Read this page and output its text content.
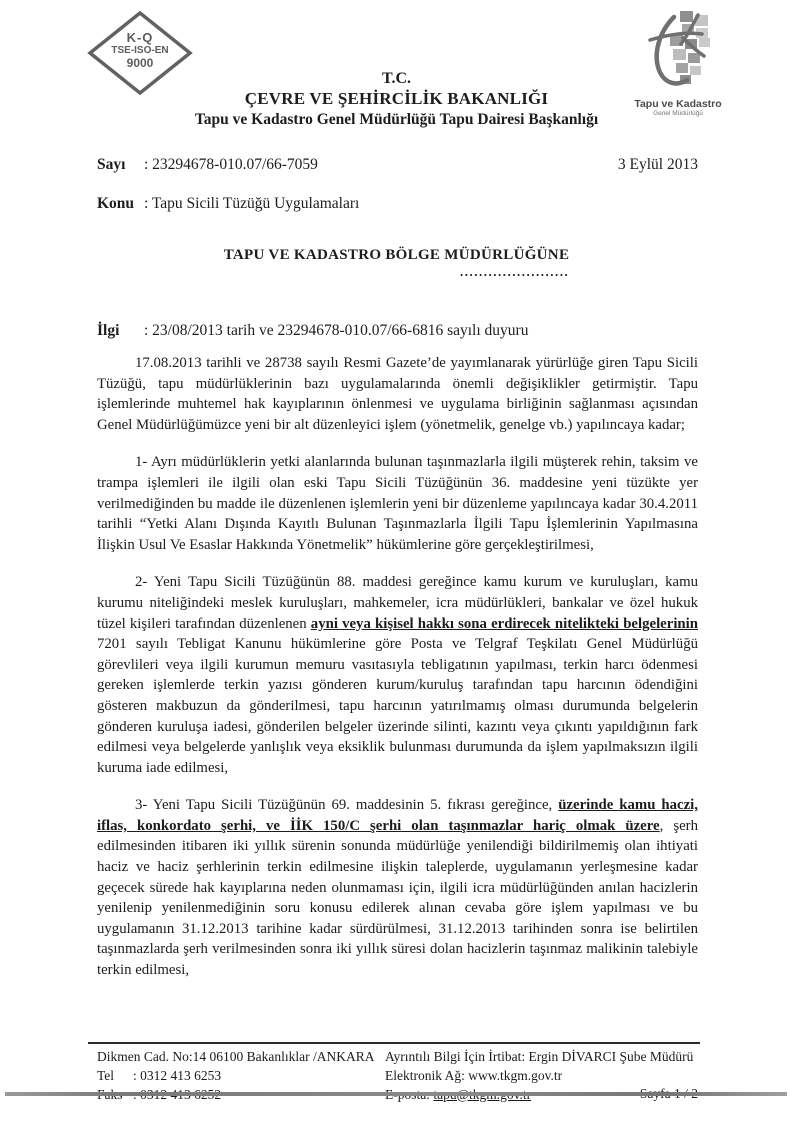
K-Q
TSE-ISO-EN
9000
T.C.
ÇEVRE VE ŞEHİRCİLİK BAKANLIĞI
Tapu ve Kadastro Genel Müdürlüğü Tapu Dairesi Başkanlığı
Tapu ve Kadastro
Genel Müdürlüğü
Sayı : 23294678-010.07/66-7059	3 Eylül 2013
Konu : Tapu Sicili Tüzüğü Uygulamaları
TAPU VE KADASTRO BÖLGE MÜDÜRLÜĞÜNE
.......................
İlgi : 23/08/2013 tarih ve 23294678-010.07/66-6816 sayılı duyuru

17.08.2013 tarihli ve 28738 sayılı Resmi Gazete’de yayımlanarak yürürlüğe giren Tapu Sicili Tüzüğü, tapu müdürlüklerinin bazı uygulamalarında önemli değişiklikler getirmiştir. Tapu işlemlerinde muhtemel hak kayıplarının önlenmesi ve uygulama birliğinin sağlanması açısından Genel Müdürlüğümüzce yeni bir alt düzenleyici işlem (yönetmelik, genelge vb.) yapılıncaya kadar;

1- Ayrı müdürlüklerin yetki alanlarında bulunan taşınmazlarla ilgili müşterek rehin, taksim ve trampa işlemleri ile ilgili olan eski Tapu Sicili Tüzüğünün 36. maddesine yeni tüzükte yer verilmediğinden bu madde ile düzenlenen işlemlerin yeni bir düzenleme yapılıncaya kadar 30.4.2011 tarihli “Yetki Alanı Dışında Kayıtlı Bulunan Taşınmazlarla İlgili Tapu İşlemlerinin Yapılmasına İlişkin Usul Ve Esaslar Hakkında Yönetmelik” hükümlerine göre gerçekleştirilmesi,

2- Yeni Tapu Sicili Tüzüğünün 88. maddesi gereğince kamu kurum ve kuruluşları, kamu kurumu niteliğindeki meslek kuruluşları, mahkemeler, icra müdürlükleri, bankalar ve özel hukuk tüzel kişileri tarafından düzenlenen ayni veya kişisel hakkı sona erdirecek nitelikteki belgelerinin 7201 sayılı Tebligat Kanunu hükümlerine göre Posta ve Telgraf Teşkilatı Genel Müdürlüğü görevlileri veya ilgili kurumun memuru vasıtasıyla tebligatının yapılması, terkin harcı ödenmesi gereken işlemlerde terkin yazısı gönderen kurum/kuruluş tarafından tapu harcının ödendiğini gösteren makbuzun da gönderilmesi, tapu harcının yatırılmamış olması durumunda belgelerin gönderen kuruluşa iadesi, gönderilen belgeler üzerinde silinti, kazıntı veya çıkıntı yapıldığının fark edilmesi veya belgelerde yanlışlık veya eksiklik bulunması durumunda da işlem yapılmaksızın ilgili kuruma iade edilmesi,

3- Yeni Tapu Sicili Tüzüğünün 69. maddesinin 5. fıkrası gereğince, üzerinde kamu haczi, iflas, konkordato şerhi, ve İİK 150/C şerhi olan taşınmazlar hariç olmak üzere, şerh edilmesinden itibaren iki yıllık sürenin sonunda müdürlüğe yenilendiği bildirilmemiş olan ihtiyati haciz ve haciz şerhlerinin terkin edilmesine ilişkin taleplerde, uygulamanın yerleşmesine kadar geçecek sürede hak kayıplarına neden olunmaması için, ilgili icra müdürlüğünden anılan hacizlerin yenilenip yenilenmediğinin soru konusu edilerek alınan cevaba göre işlem yapılması ve bu uygulamanın 31.12.2013 tarihine kadar sürdürülmesi, 31.12.2013 tarihinden sonra ise belirtilen taşınmazlarda şerh verilmesinden sonra iki yıllık süresi dolan hacizlerin taşınmaz malikinin talebiyle terkin edilmesi,

Dikmen Cad. No:14 06100 Bakanlıklar /ANKARA
Tel : 0312 413 6253
Ayrıntılı Bilgi İçin İrtibat: Ergin DİVARCI Şube Müdürü
Elektronik Ağ: www.tkgm.gov.tr
